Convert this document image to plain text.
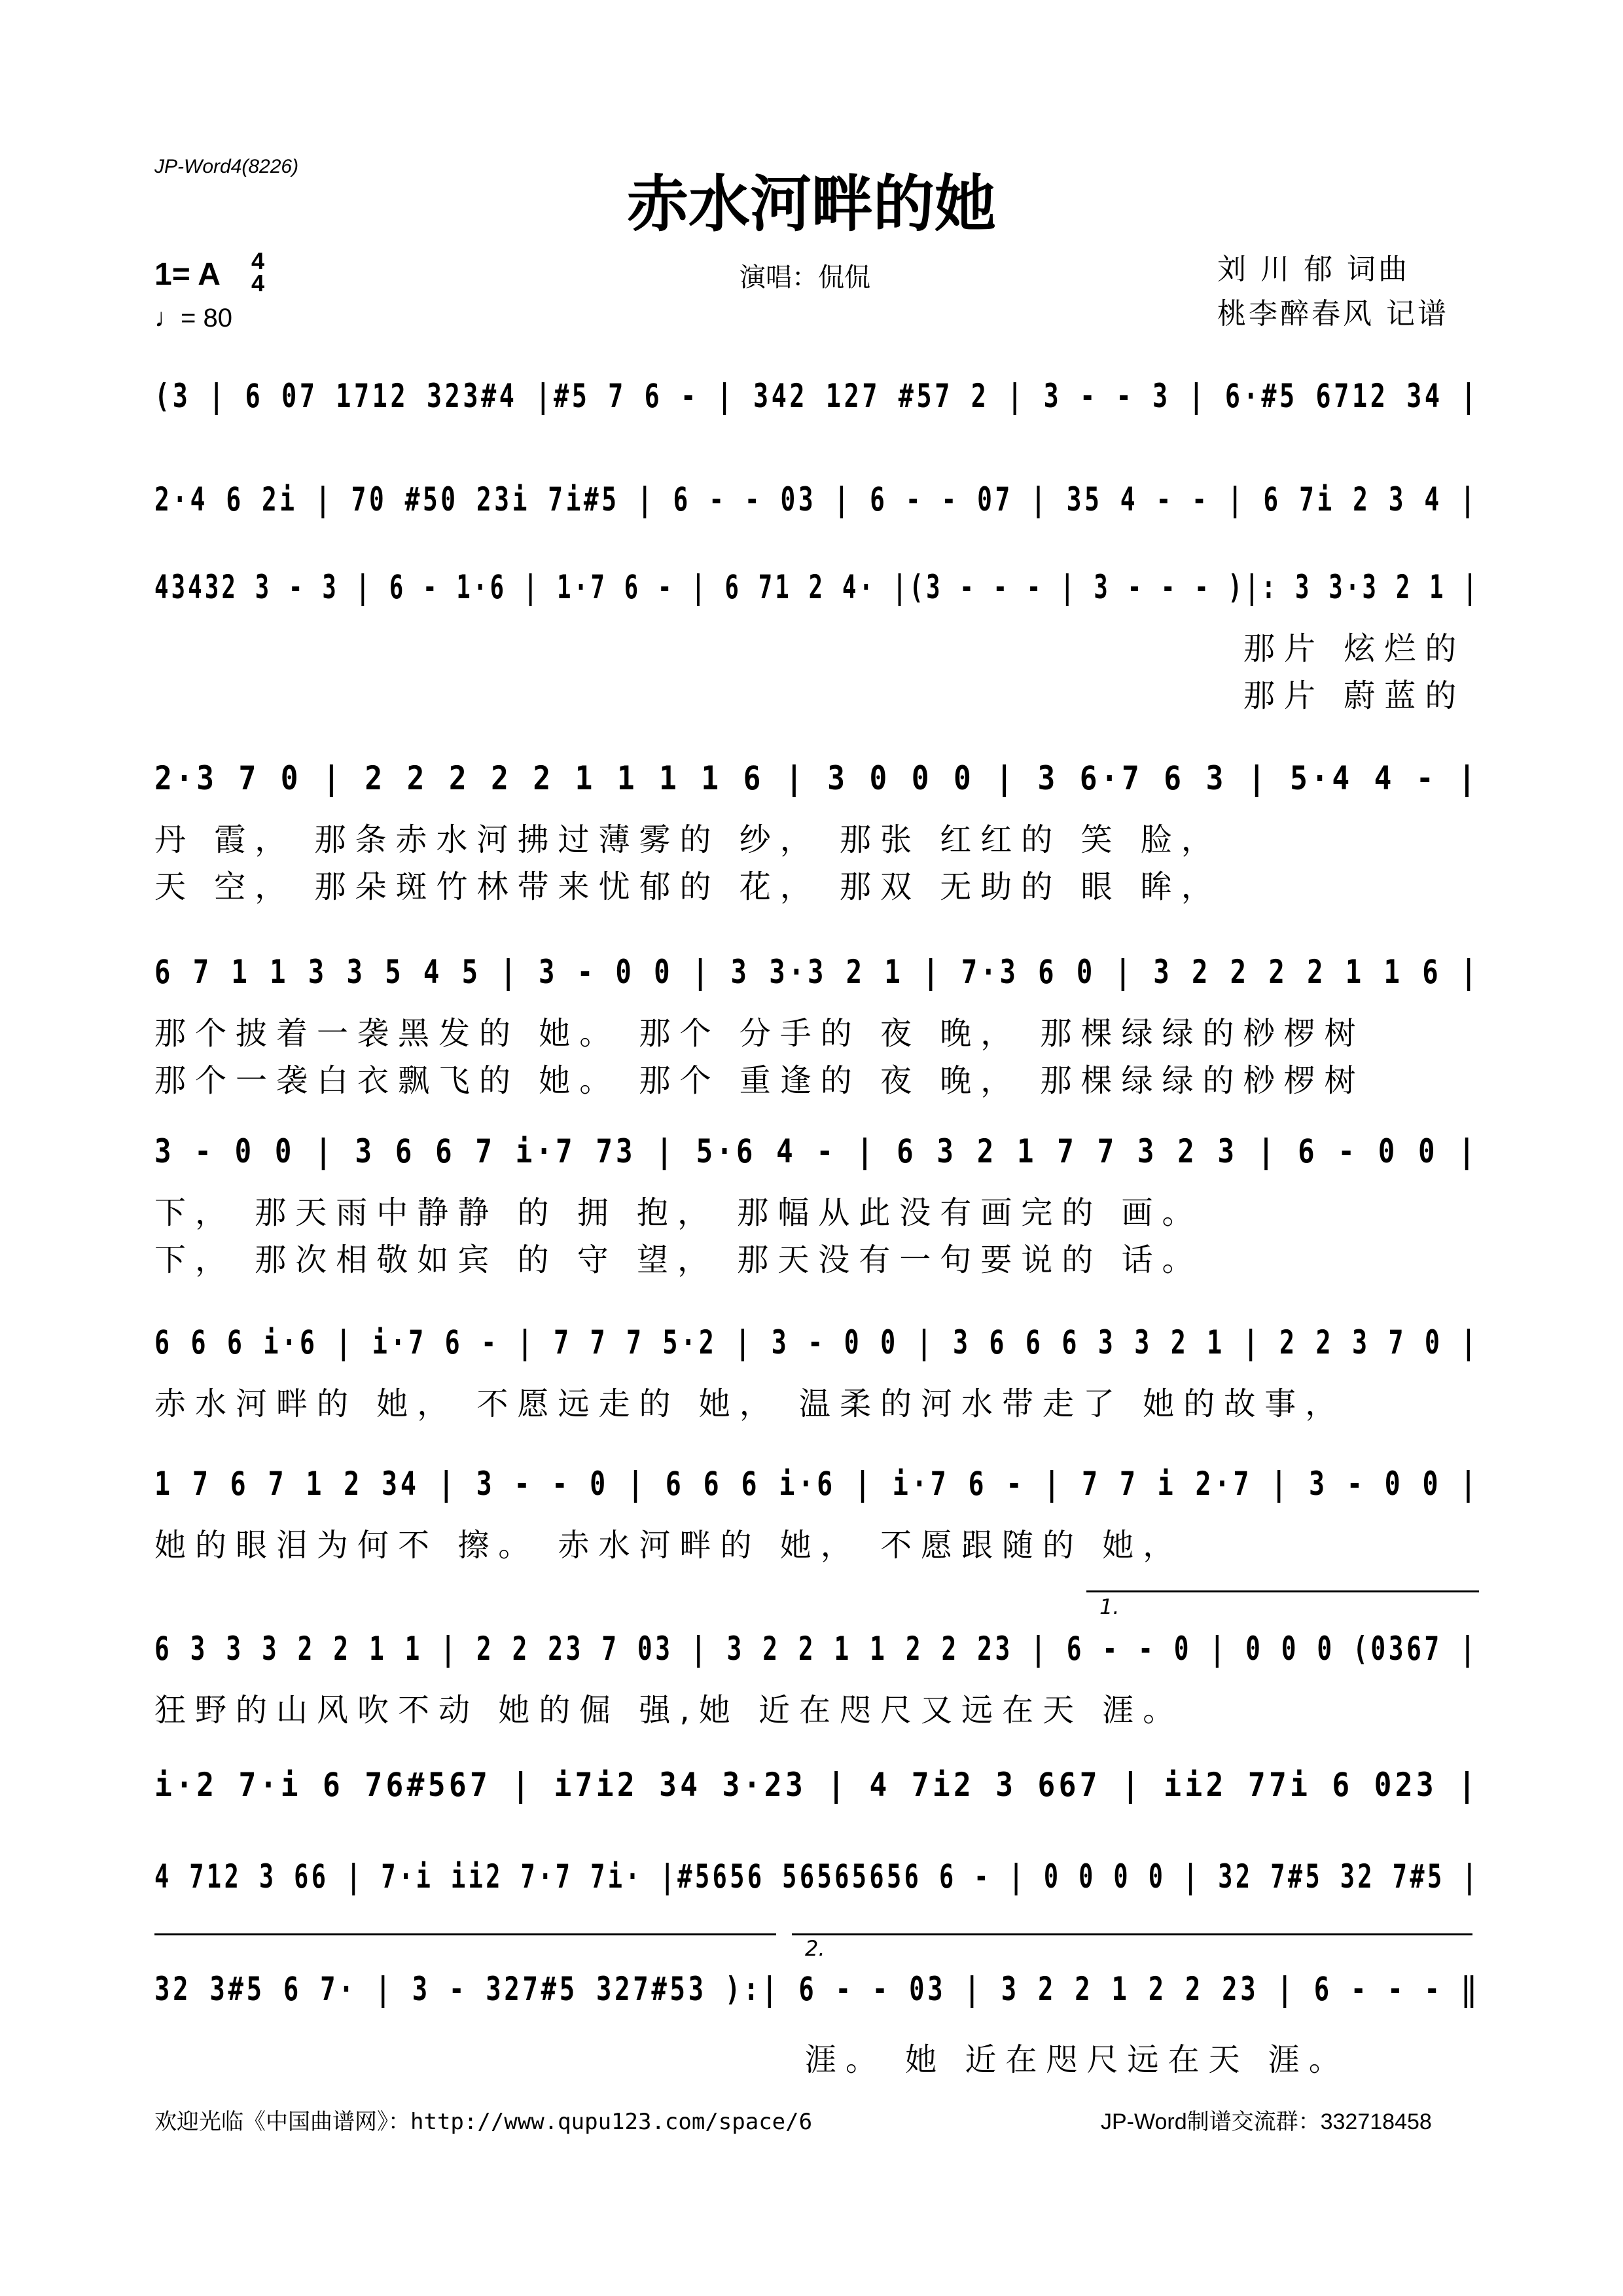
JP-Word4(8226)
赤水河畔的她
1= A 4
4
♩= 80
演唱：侃侃	刘 川 郁 词曲
桃李醉春风 记谱
(3 | 6 07 1712 323#4 |#5 7 6 - | 342 127 #57 2 | 3 - - 3 | 6·#5 6712 34 |
2·4 6 2i | 70 #50 23i 7i#5 | 6 - - 03 | 6 - - 07 | 35 4 - - | 6 7i 2 3 4 |
43432 3 - 3 | 6 - 1·6 | 1·7 6 - | 6 71 2 4· |(3 - - - | 3 - - - )|: 3 3·3 2 1 |
那片 炫烂的
那片 蔚蓝的
2·3 7 0 | 2 2 2 2 2 1 1 1 1 6 | 3 0 0 0 | 3 6·7 6 3 | 5·4 4 - |
丹 霞， 那条赤水河拂过薄雾的 纱， 那张 红红的 笑 脸，
天 空， 那朵斑竹林带来忧郁的 花， 那双 无助的 眼 眸，
6 7 1 1 3 3 5 4 5 | 3 - 0 0 | 3 3·3 2 1 | 7·3 6 0 | 3 2 2 2 2 1 1 6 |
那个披着一袭黑发的 她。 那个 分手的 夜 晚， 那棵绿绿的桫椤树
那个一袭白衣飘飞的 她。 那个 重逢的 夜 晚， 那棵绿绿的桫椤树
3 - 0 0 | 3 6 6 7 i·7 73 | 5·6 4 - | 6 3 2 1 7 7 3 2 3 | 6 - 0 0 |
下， 那天雨中静静 的 拥 抱， 那幅从此没有画完的 画。
下， 那次相敬如宾 的 守 望， 那天没有一句要说的 话。
6 6 6 i·6 | i·7 6 - | 7 7 7 5·2 | 3 - 0 0 | 3 6 6 6 3 3 2 1 | 2 2 3 7 0 |
赤水河畔的 她， 不愿远走的 她， 温柔的河水带走了 她的故事，
1 7 6 7 1 2 34 | 3 - - 0 | 6 6 6 i·6 | i·7 6 - | 7 7 i 2·7 | 3 - 0 0 |
她的眼泪为何不 擦。 赤水河畔的 她， 不愿跟随的 她，
1.
6 3 3 3 2 2 1 1 | 2 2 23 7 03 | 3 2 2 1 1 2 2 23 | 6 - - 0 | 0 0 0 (0367 |
狂野的山风吹不动 她的倔 强,她 近在咫尺又远在天 涯。
i·2 7·i 6 76#567 | i7i2 34 3·23 | 4 7i2 3 667 | ii2 77i 6 023 |
4 712 3 66 | 7·i ii2 7·7 7i· |#5656 56565656 6 - | 0 0 0 0 | 32 7#5 32 7#5 |
2.
32 3#5 6 7· | 3 - 327#5 327#53 ):| 6 - - 03 | 3 2 2 1 2 2 23 | 6 - - - ‖
涯。 她 近在咫尺远在天 涯。
欢迎光临《中国曲谱网》：http://www.qupu123.com/space/6	JP-Word制谱交流群：332718458
